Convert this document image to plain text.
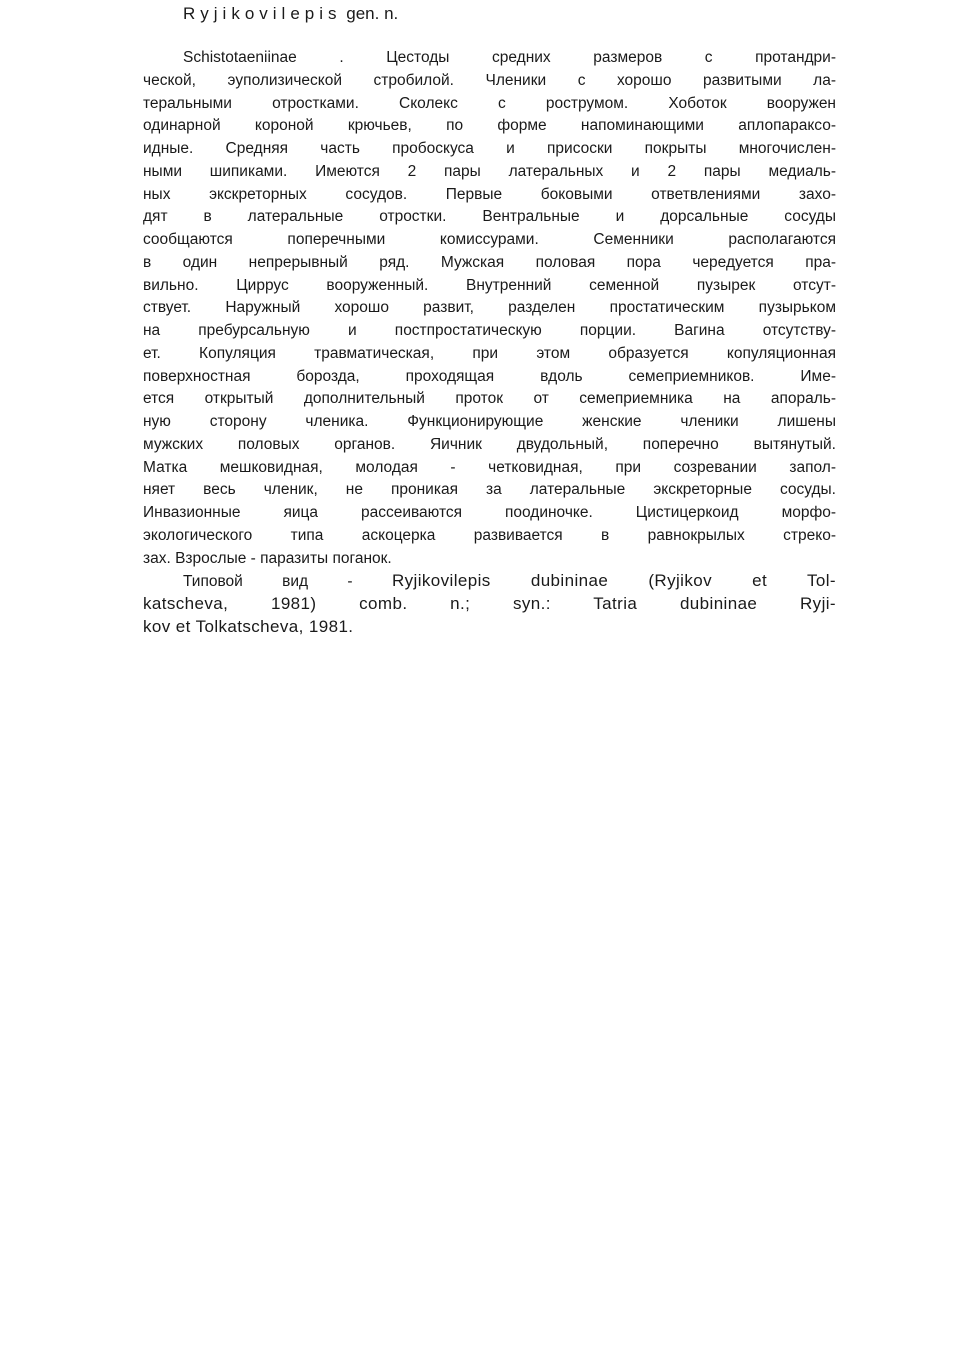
Ryjikovilepis gen. n.
Schistotaeniinae . Цестоды средних размеров с протандри-
ческой, эуполизической стробилой. Членики с хорошо развитыми ла-
теральными отростками. Сколекс с рострумом. Хоботок вооружен
одинарной короной крючьев, по форме напоминающими аплопараксо-
идные. Средняя часть пробоскуса и присоски покрыты многочислен-
ными шипиками. Имеются 2 пары латеральных и 2 пары медиаль-
ных экскреторных сосудов. Первые боковыми ответвлениями захо-
дят в латеральные отростки. Вентральные и дорсальные сосуды
сообщаются поперечными комиссурами. Семенники располагаются
в один непрерывный ряд. Мужская половая пора чередуется пра-
вильно. Циррус вооруженный. Внутренний семенной пузырек отсут-
ствует. Наружный хорошо развит, разделен простатическим пузырьком
на пребурсальную и постпростатическую порции. Вагина отсутству-
ет. Копуляция травматическая, при этом образуется копуляционная
поверхностная борозда, проходящая вдоль семеприемников. Име-
ется открытый дополнительный проток от семеприемника на апораль-
ную сторону членика. Функционирующие женские членики лишены
мужских половых органов. Яичник двудольный, поперечно вытянутый.
Матка мешковидная, молодая - четковидная, при созревании запол-
няет весь членик, не проникая за латеральные экскреторные сосуды.
Инвазионные яица рассеиваются поодиночке. Цистицеркоид морфо-
экологического типа аскоцерка развивается в равнокрылых стреко-
зах. Взрослые - паразиты поганок.
Типовой вид - Ryjikovilepis dubininae (Ryjikov et Tol-
katscheva, 1981) comb. n.; syn.: Tatria dubininae Ryji-
kov et Tolkatscheva, 1981.
